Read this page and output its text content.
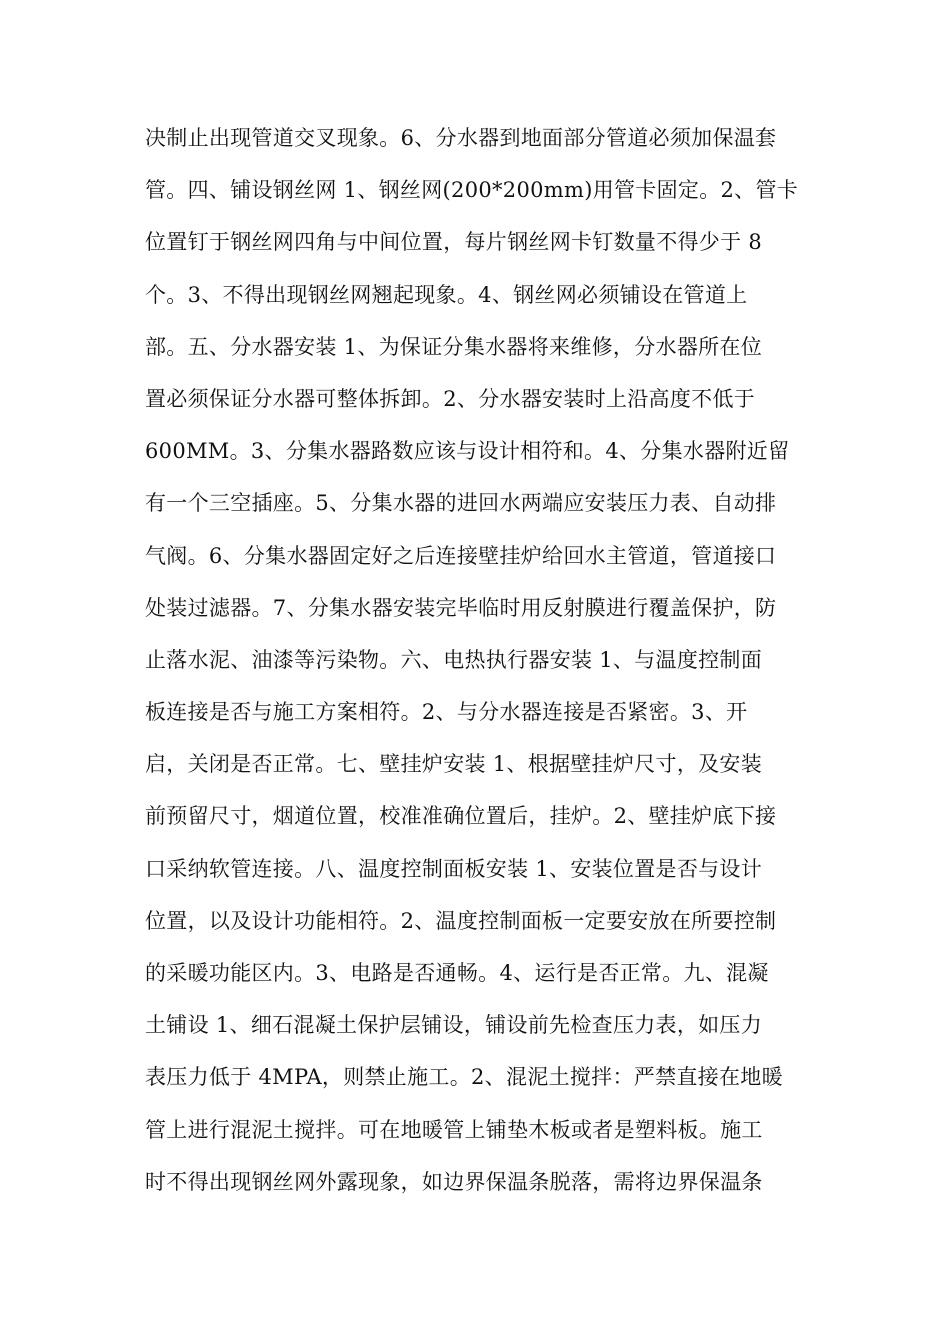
决制止出现管道交叉现象。6、分水器到地面部分管道必须加保温套
管。四、铺设钢丝网 1、钢丝网(200*200mm)用管卡固定。2、管卡
位置钉于钢丝网四角与中间位置，每片钢丝网卡钉数量不得少于 8
个。3、不得出现钢丝网翘起现象。4、钢丝网必须铺设在管道上
部。五、分水器安装 1、为保证分集水器将来维修，分水器所在位
置必须保证分水器可整体拆卸。2、分水器安装时上沿高度不低于
600MM。3、分集水器路数应该与设计相符和。4、分集水器附近留
有一个三空插座。5、分集水器的进回水两端应安装压力表、自动排
气阀。6、分集水器固定好之后连接壁挂炉给回水主管道，管道接口
处装过滤器。7、分集水器安装完毕临时用反射膜进行覆盖保护，防
止落水泥、油漆等污染物。六、电热执行器安装 1、与温度控制面
板连接是否与施工方案相符。2、与分水器连接是否紧密。3、开
启，关闭是否正常。七、壁挂炉安装 1、根据壁挂炉尺寸，及安装
前预留尺寸，烟道位置，校准准确位置后，挂炉。2、壁挂炉底下接
口采纳软管连接。八、温度控制面板安装 1、安装位置是否与设计
位置，以及设计功能相符。2、温度控制面板一定要安放在所要控制
的采暖功能区内。3、电路是否通畅。4、运行是否正常。九、混凝
土铺设 1、细石混凝土保护层铺设，铺设前先检查压力表，如压力
表压力低于 4MPA，则禁止施工。2、混泥土搅拌：严禁直接在地暖
管上进行混泥土搅拌。可在地暖管上铺垫木板或者是塑料板。施工
时不得出现钢丝网外露现象，如边界保温条脱落，需将边界保温条
